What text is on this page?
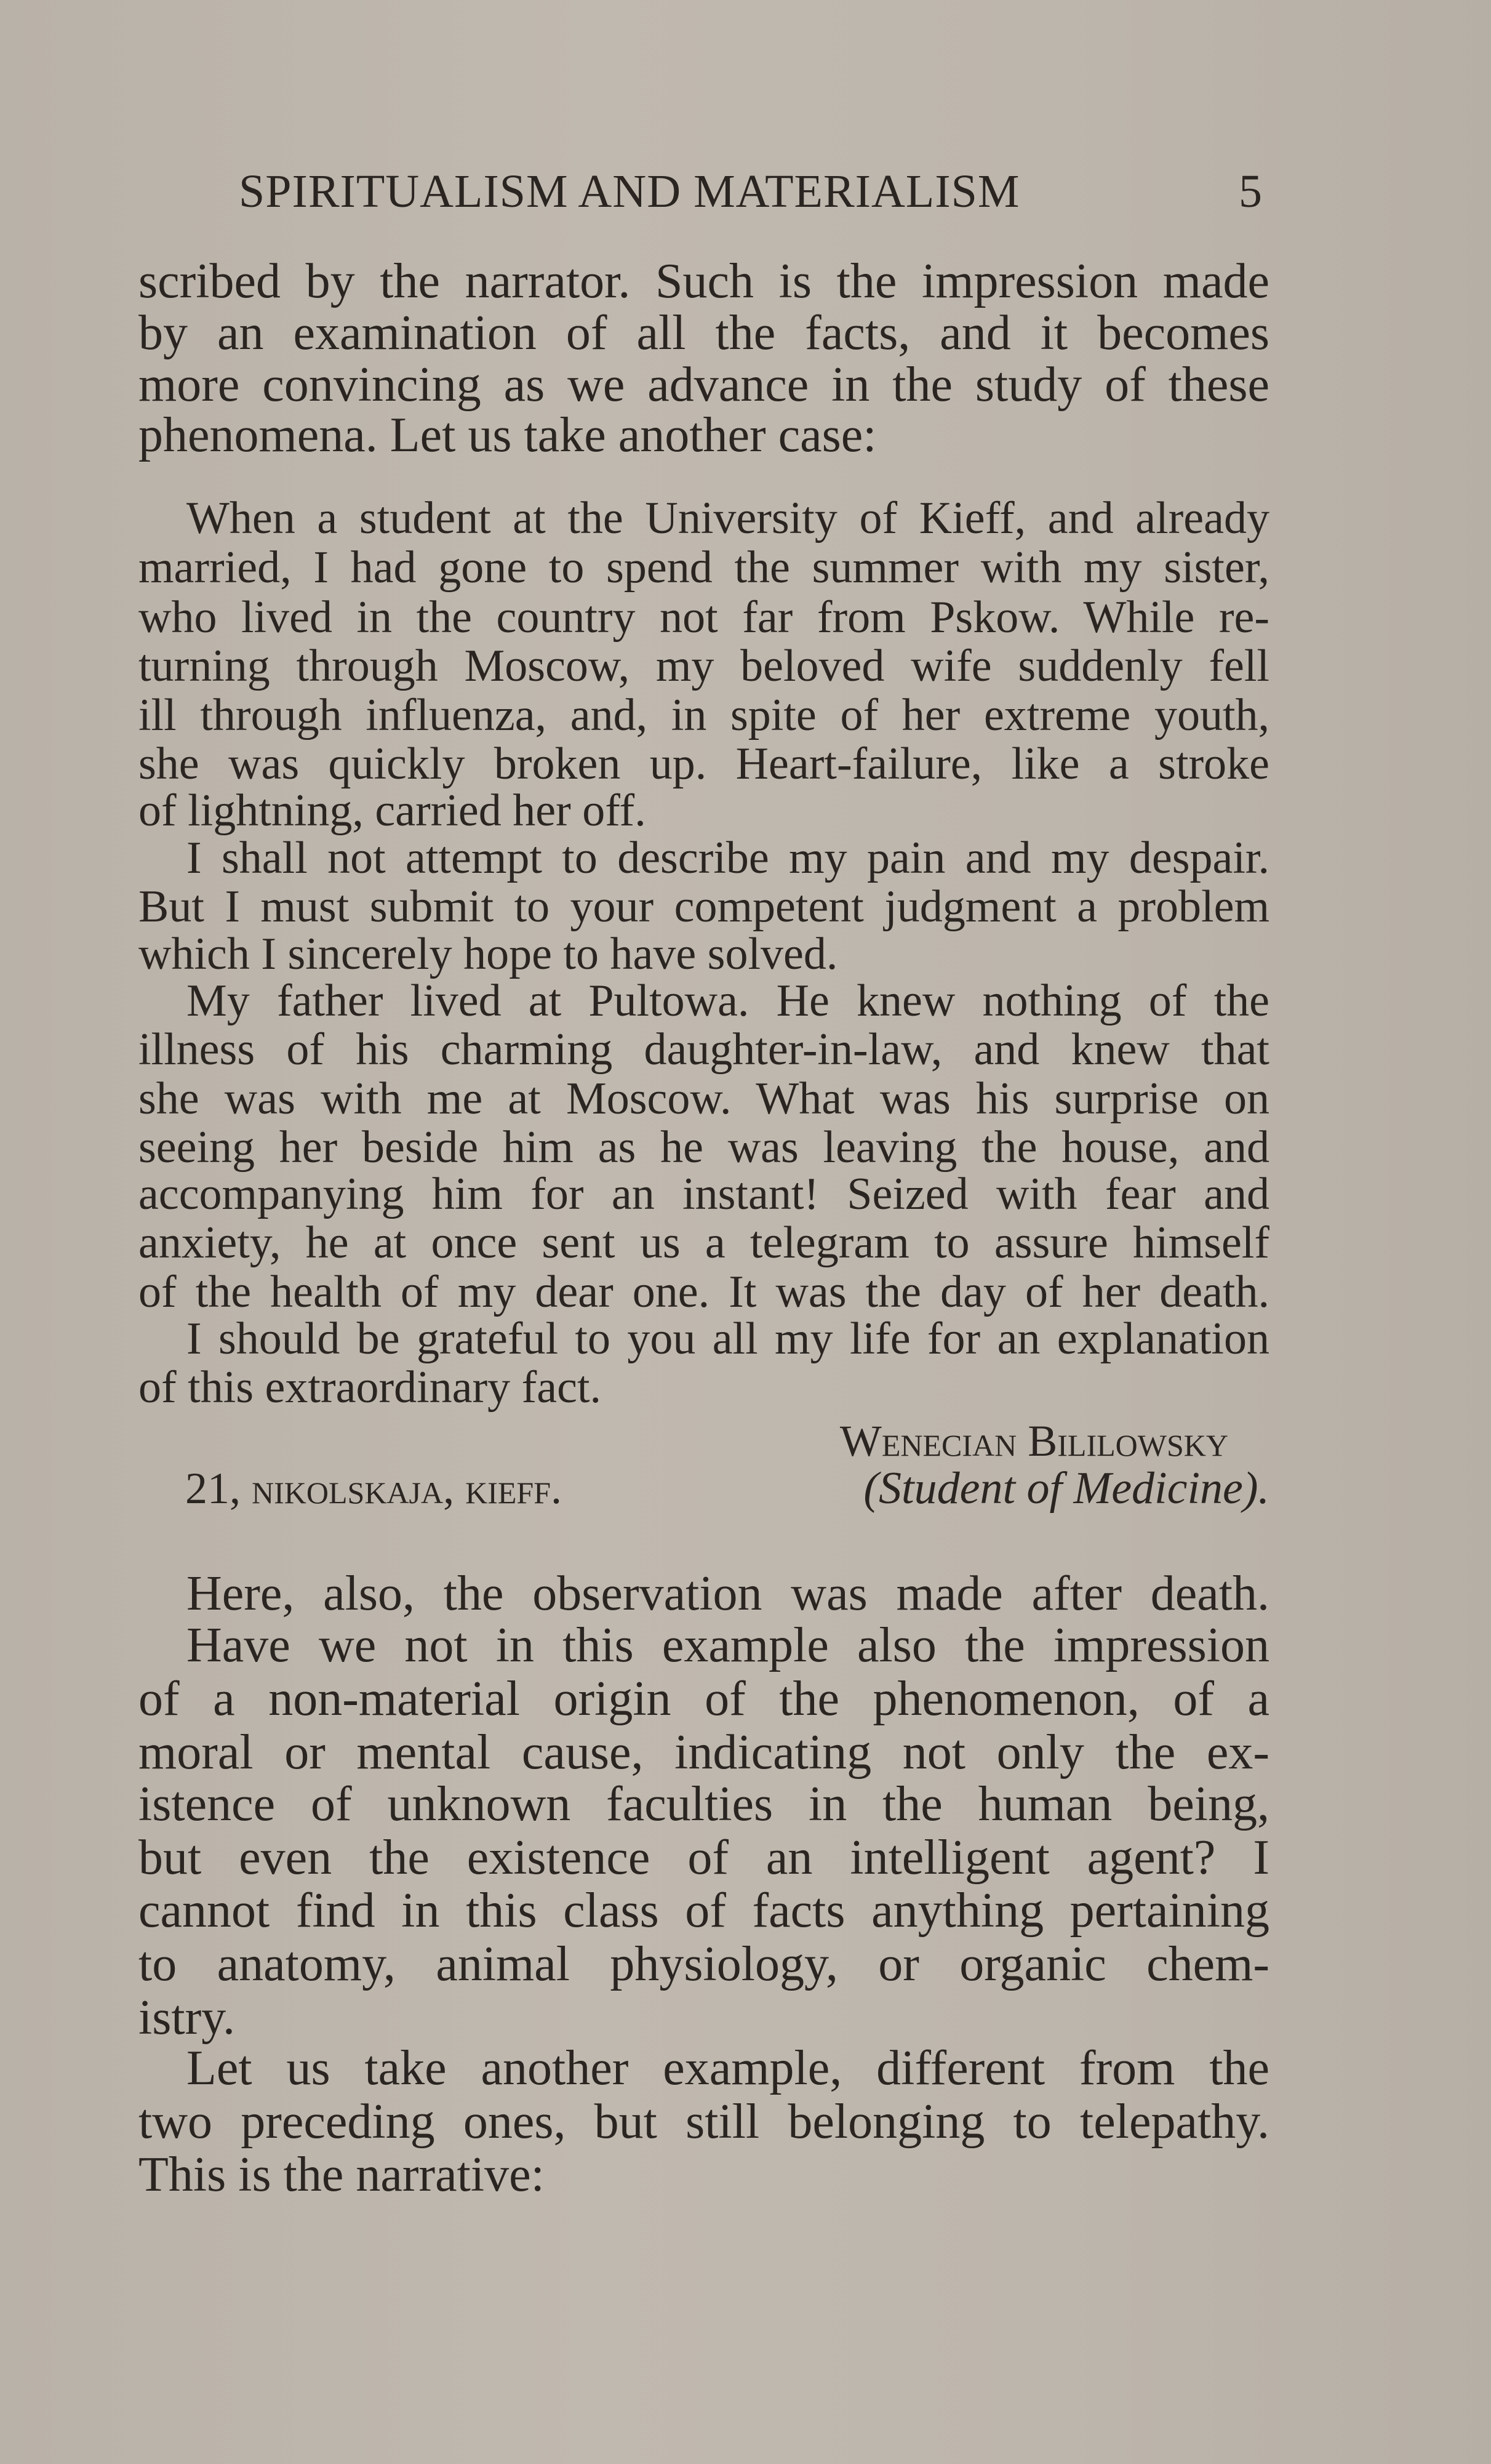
SPIRITUALISM AND MATERIALISM	5
scribed by the narrator. Such is the impression made
by an examination of all the facts, and it becomes
more convincing as we advance in the study of these
phenomena. Let us take another case:
When a student at the University of Kieff, and already
married, I had gone to spend the summer with my sister,
who lived in the country not far from Pskow. While re-
turning through Moscow, my beloved wife suddenly fell
ill through influenza, and, in spite of her extreme youth,
she was quickly broken up. Heart-failure, like a stroke
of lightning, carried her off.
I shall not attempt to describe my pain and my despair.
But I must submit to your competent judgment a problem
which I sincerely hope to have solved.
My father lived at Pultowa. He knew nothing of the
illness of his charming daughter-in-law, and knew that
she was with me at Moscow. What was his surprise on
seeing her beside him as he was leaving the house, and
accompanying him for an instant! Seized with fear and
anxiety, he at once sent us a telegram to assure himself
of the health of my dear one. It was the day of her death.
I should be grateful to you all my life for an explanation
of this extraordinary fact.
Wenecian Bililowsky
21, nikolskaja, kieff.	(Student of Medicine).
Here, also, the observation was made after death.
Have we not in this example also the impression
of a non-material origin of the phenomenon, of a
moral or mental cause, indicating not only the ex-
istence of unknown faculties in the human being,
but even the existence of an intelligent agent? I
cannot find in this class of facts anything pertaining
to anatomy, animal physiology, or organic chem-
istry.
Let us take another example, different from the
two preceding ones, but still belonging to telepathy.
This is the narrative:
